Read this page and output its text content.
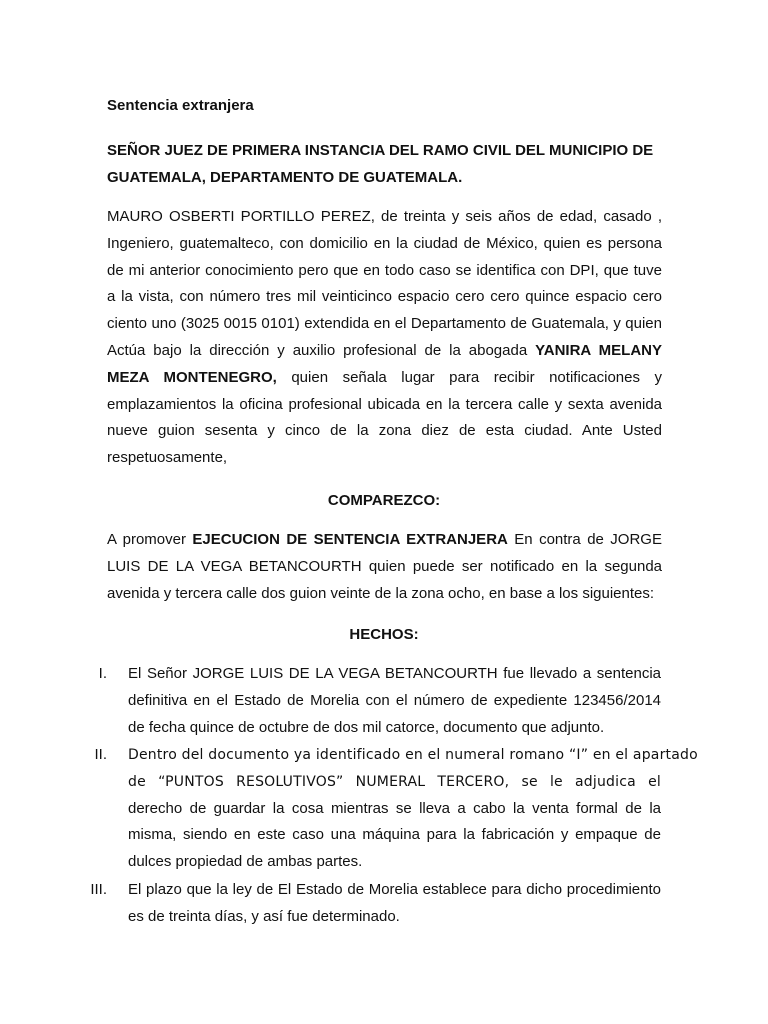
Sentencia extranjera
SEÑOR JUEZ DE PRIMERA INSTANCIA DEL RAMO CIVIL DEL MUNICIPIO DE
GUATEMALA, DEPARTAMENTO DE GUATEMALA.
MAURO OSBERTI PORTILLO PEREZ, de treinta y seis años de edad, casado ,
Ingeniero, guatemalteco, con domicilio en la ciudad de México, quien es persona
de mi anterior conocimiento pero que en todo caso se identifica con DPI, que tuve
a la vista, con número tres mil veinticinco espacio cero cero quince espacio cero
ciento uno (3025 0015 0101) extendida en el Departamento de Guatemala, y quien
Actúa bajo la dirección y auxilio profesional de la abogada YANIRA MELANY
MEZA MONTENEGRO, quien señala lugar para recibir notificaciones y
emplazamientos la oficina profesional ubicada en la tercera calle y sexta avenida
nueve guion sesenta y cinco de la zona diez de esta ciudad. Ante Usted
respetuosamente,
COMPAREZCO:
A promover EJECUCION DE SENTENCIA EXTRANJERA En contra de JORGE
LUIS DE LA VEGA BETANCOURTH quien puede ser notificado en la segunda
avenida y tercera calle dos guion veinte de la zona ocho, en base a los siguientes:
HECHOS:
I. El Señor JORGE LUIS DE LA VEGA BETANCOURTH fue llevado a sentencia
definitiva en el Estado de Morelia con el número de expediente 123456/2014
de fecha quince de octubre de dos mil catorce, documento que adjunto.
II. Dentro del documento ya identificado en el numeral romano “I” en el apartado
de “PUNTOS RESOLUTIVOS” NUMERAL TERCERO, se le adjudica el
derecho de guardar la cosa mientras se lleva a cabo la venta formal de la
misma, siendo en este caso una máquina para la fabricación y empaque de
dulces propiedad de ambas partes.
III. El plazo que la ley de El Estado de Morelia establece para dicho procedimiento
es de treinta días, y así fue determinado.
